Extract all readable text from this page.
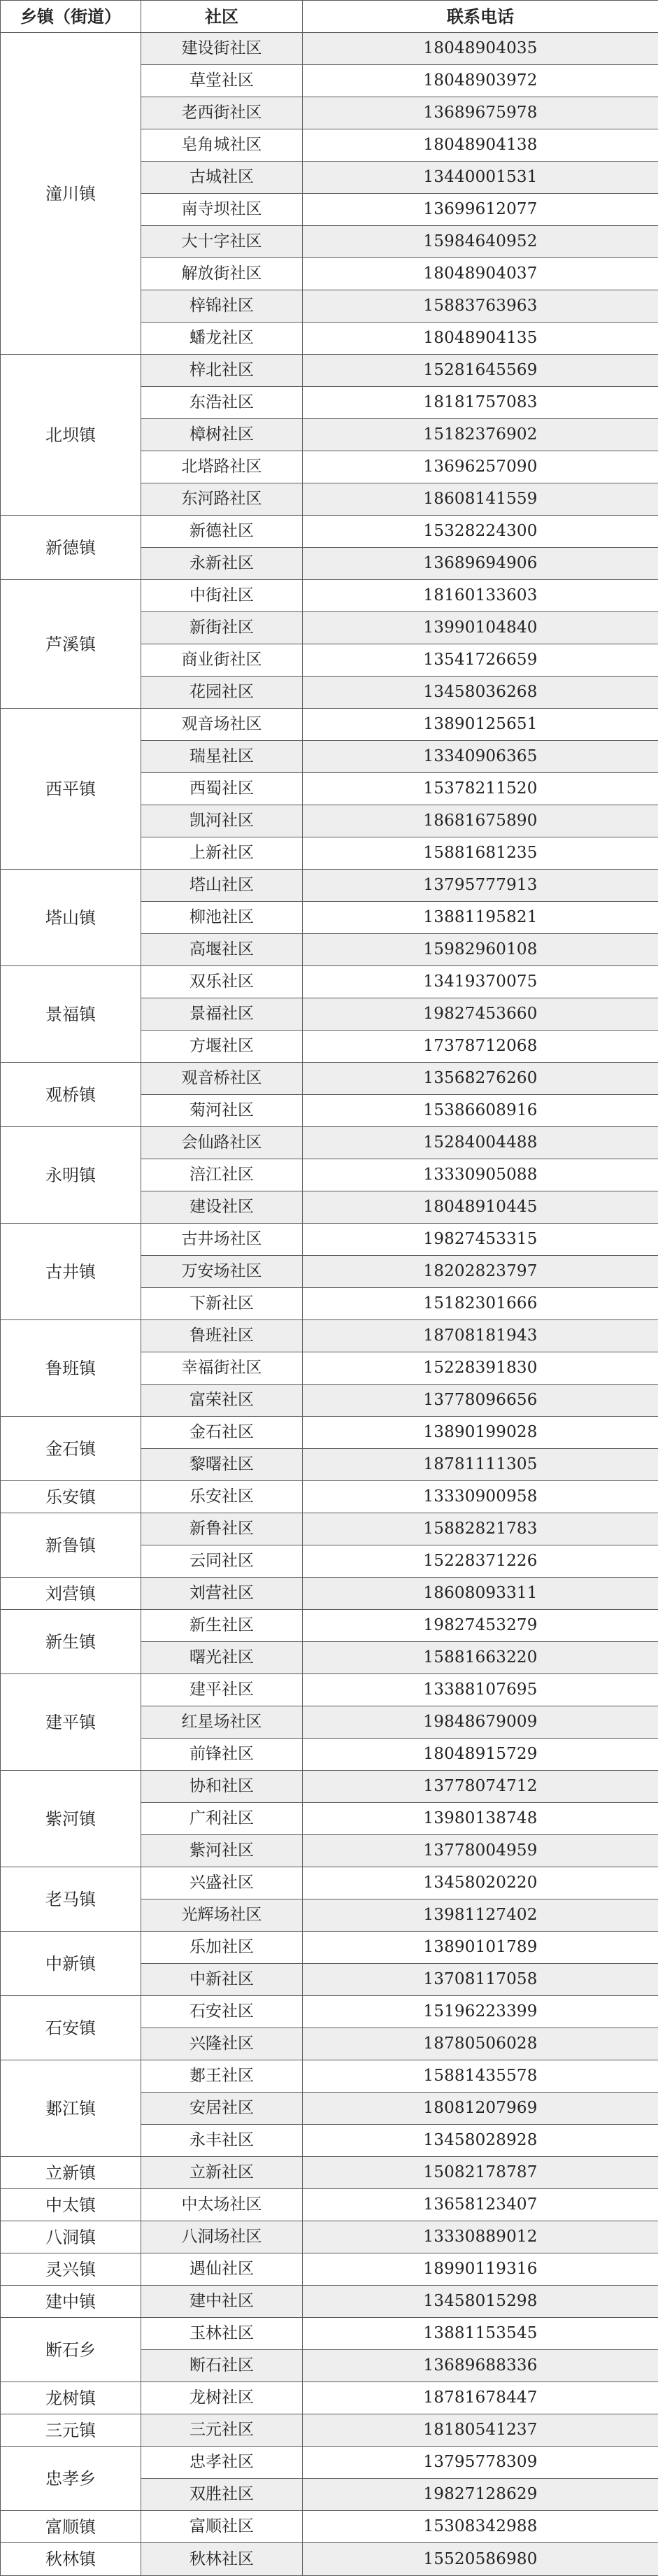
乡镇（街道）	社区	联系电话
潼川镇	建设街社区	18048904035
	草堂社区	18048903972
	老西街社区	13689675978
	皂角城社区	18048904138
	古城社区	13440001531
	南寺坝社区	13699612077
	大十字社区	15984640952
	解放街社区	18048904037
	梓锦社区	15883763963
	蟠龙社区	18048904135
北坝镇	梓北社区	15281645569
	东浩社区	18181757083
	樟树社区	15182376902
	北塔路社区	13696257090
	东河路社区	18608141559
新德镇	新德社区	15328224300
	永新社区	13689694906
芦溪镇	中街社区	18160133603
	新街社区	13990104840
	商业街社区	13541726659
	花园社区	13458036268
西平镇	观音场社区	13890125651
	瑞星社区	13340906365
	西蜀社区	15378211520
	凯河社区	18681675890
	上新社区	15881681235
塔山镇	塔山社区	13795777913
	柳池社区	13881195821
	高堰社区	15982960108
景福镇	双乐社区	13419370075
	景福社区	19827453660
	方堰社区	17378712068
观桥镇	观音桥社区	13568276260
	菊河社区	15386608916
永明镇	会仙路社区	15284004488
	涪江社区	13330905088
	建设社区	18048910445
古井镇	古井场社区	19827453315
	万安场社区	18202823797
	下新社区	15182301666
鲁班镇	鲁班社区	18708181943
	幸福街社区	15228391830
	富荣社区	13778096656
金石镇	金石社区	13890199028
	黎曙社区	18781111305
乐安镇	乐安社区	13330900958
新鲁镇	新鲁社区	15882821783
	云同社区	15228371226
刘营镇	刘营社区	18608093311
新生镇	新生社区	19827453279
	曙光社区	15881663220
建平镇	建平社区	13388107695
	红星场社区	19848679009
	前锋社区	18048915729
紫河镇	协和社区	13778074712
	广利社区	13980138748
	紫河社区	13778004959
老马镇	兴盛社区	13458020220
	光辉场社区	13981127402
中新镇	乐加社区	13890101789
	中新社区	13708117058
石安镇	石安社区	15196223399
	兴隆社区	18780506028
郪江镇	郪王社区	15881435578
	安居社区	18081207969
	永丰社区	13458028928
立新镇	立新社区	15082178787
中太镇	中太场社区	13658123407
八洞镇	八洞场社区	13330889012
灵兴镇	遇仙社区	18990119316
建中镇	建中社区	13458015298
断石乡	玉林社区	13881153545
	断石社区	13689688336
龙树镇	龙树社区	18781678447
三元镇	三元社区	18180541237
忠孝乡	忠孝社区	13795778309
	双胜社区	19827128629
富顺镇	富顺社区	15308342988
秋林镇	秋林社区	15520586980
